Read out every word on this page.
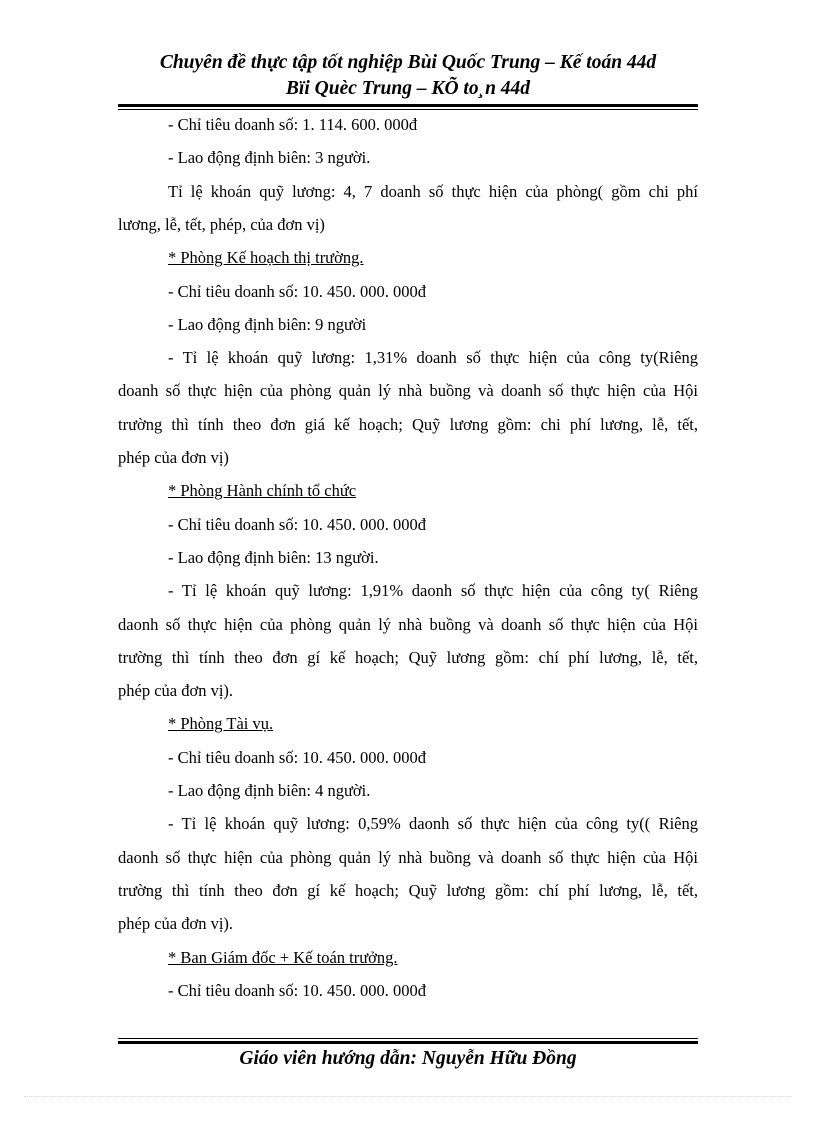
Chuyên đề thực tập tốt nghiệp Bùi Quốc Trung – Kế toán 44d
Bïi Quèc Trung – KÕ to¸n 44d
- Chỉ tiêu doanh số: 1. 114. 600. 000đ
- Lao động định biên: 3 người.
Tỉ lệ khoán quỹ lương: 4, 7 doanh số thực hiện của phòng( gồm chi phí
lương, lễ, tết, phép, của đơn vị)
* Phòng Kế hoạch thị trường.
- Chỉ tiêu doanh số: 10. 450. 000. 000đ
- Lao động định biên: 9 người
- Tỉ lệ khoán quỹ lương: 1,31% doanh số thực hiện của công ty(Riêng
doanh số thực hiện của phòng quản lý nhà buồng và doanh số thực hiện của Hội
trường thì tính theo đơn giá kế hoạch; Quỹ lương gồm: chi phí lương, lễ, tết,
phép của đơn vị)
* Phòng Hành chính tổ chức
- Chỉ tiêu doanh số: 10. 450. 000. 000đ
- Lao động định biên: 13 người.
- Tỉ lệ khoán quỹ lương: 1,91% daonh số thực hiện của công ty( Riêng
daonh số thực hiện của phòng quản lý nhà buồng và doanh số thực hiện của Hội
trường thì tính theo đơn gí kế hoạch; Quỹ lương gồm: chí phí lương, lễ, tết,
phép của đơn vị).
* Phòng Tài vụ.
- Chỉ tiêu doanh số: 10. 450. 000. 000đ
- Lao động định biên: 4 người.
- Tỉ lệ khoán quỹ lương: 0,59% daonh số thực hiện của công ty(( Riêng
daonh số thực hiện của phòng quản lý nhà buồng và doanh số thực hiện của Hội
trường thì tính theo đơn gí kế hoạch; Quỹ lương gồm: chí phí lương, lễ, tết,
phép của đơn vị).
* Ban Giám đốc + Kế toán trưởng.
- Chỉ tiêu doanh số: 10. 450. 000. 000đ
Giáo viên hướng dẫn: Nguyễn Hữu Đồng
